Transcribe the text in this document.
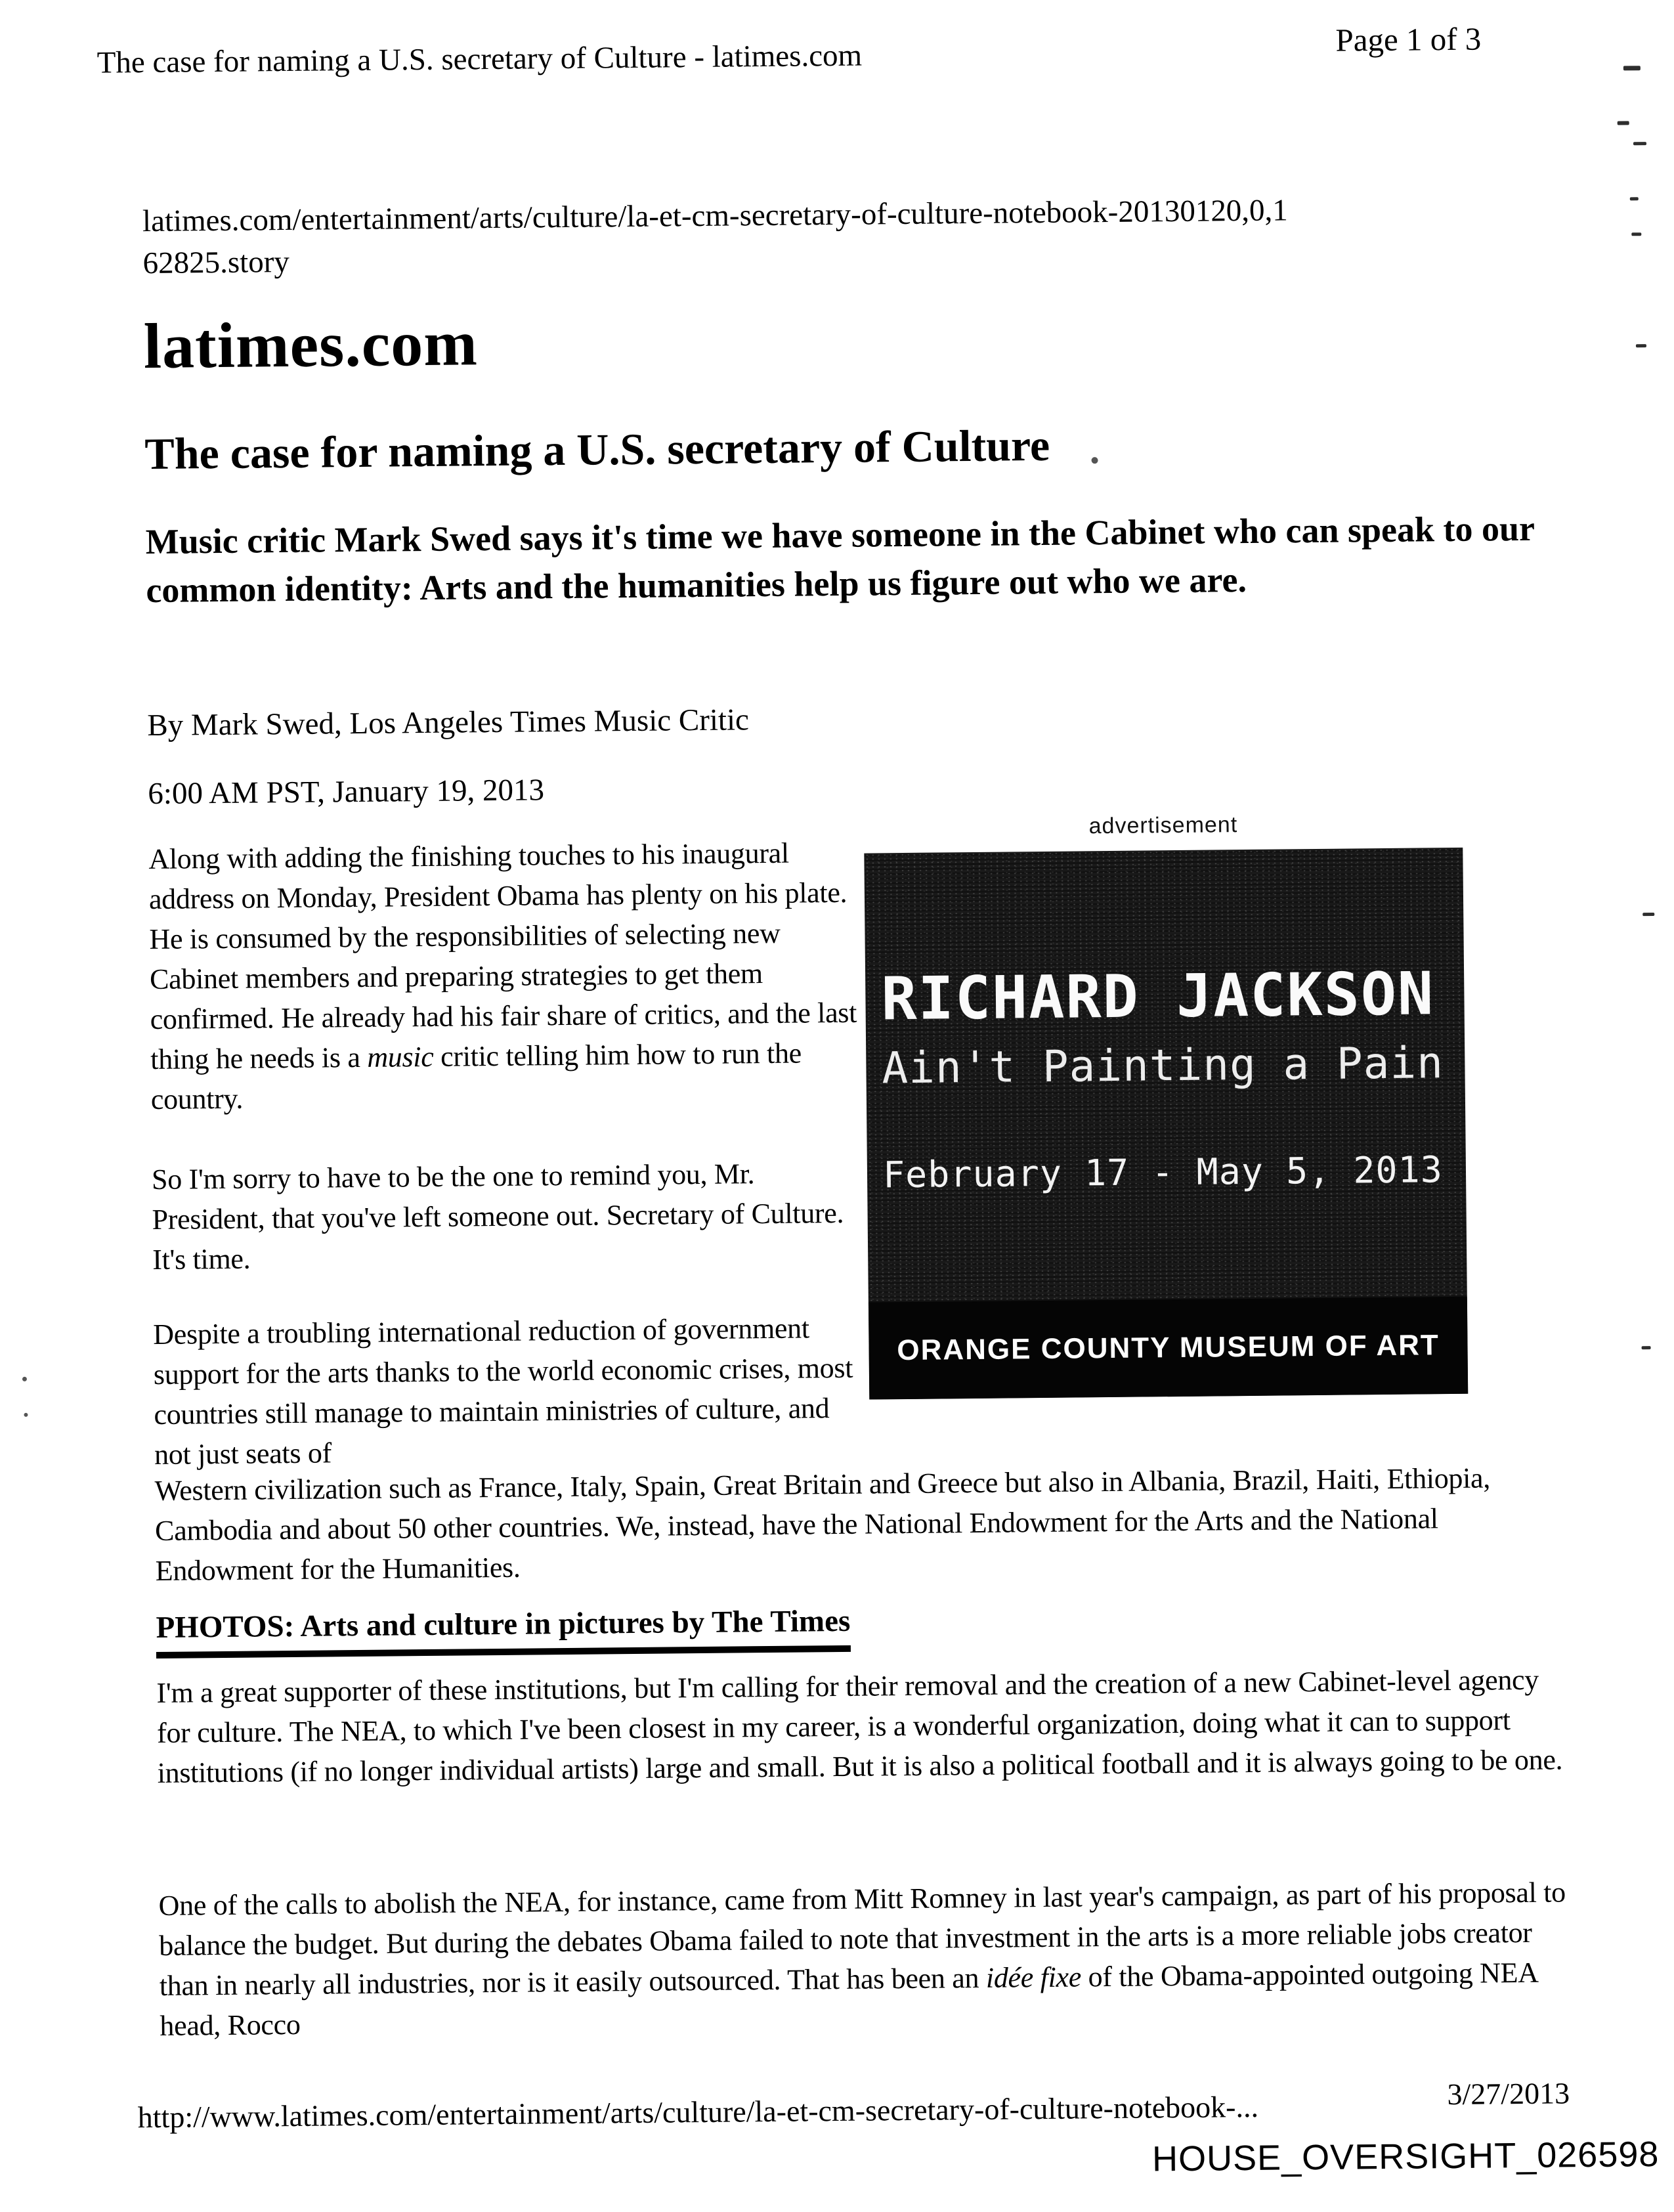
The case for naming a U.S. secretary of Culture - latimes.com	Page 1 of 3
latimes.com/entertainment/arts/culture/la-et-cm-secretary-of-culture-notebook-20130120,0,162825.story
latimes.com
The case for naming a U.S. secretary of Culture
Music critic Mark Swed says it's time we have someone in the Cabinet who can speak to our common identity: Arts and the humanities help us figure out who we are.
By Mark Swed, Los Angeles Times Music Critic
6:00 AM PST, January 19, 2013

Along with adding the finishing touches to his inaugural address on Monday, President Obama has plenty on his plate. He is consumed by the responsibilities of selecting new Cabinet members and preparing strategies to get them confirmed. He already had his fair share of critics, and the last thing he needs is a music critic telling him how to run the country.

So I'm sorry to have to be the one to remind you, Mr. President, that you've left someone out. Secretary of Culture. It's time.

Despite a troubling international reduction of government support for the arts thanks to the world economic crises, most countries still manage to maintain ministries of culture, and not just seats of

advertisement
RICHARD JACKSON
Ain't Painting a Pain
February 17 - May 5, 2013
ORANGE COUNTY MUSEUM OF ART

Western civilization such as France, Italy, Spain, Great Britain and Greece but also in Albania, Brazil, Haiti, Ethiopia, Cambodia and about 50 other countries. We, instead, have the National Endowment for the Arts and the National Endowment for the Humanities.

PHOTOS: Arts and culture in pictures by The Times

I'm a great supporter of these institutions, but I'm calling for their removal and the creation of a new Cabinet-level agency for culture. The NEA, to which I've been closest in my career, is a wonderful organization, doing what it can to support institutions (if no longer individual artists) large and small. But it is also a political football and it is always going to be one.

One of the calls to abolish the NEA, for instance, came from Mitt Romney in last year's campaign, as part of his proposal to balance the budget. But during the debates Obama failed to note that investment in the arts is a more reliable jobs creator than in nearly all industries, nor is it easily outsourced. That has been an idée fixe of the Obama-appointed outgoing NEA head, Rocco

http://www.latimes.com/entertainment/arts/culture/la-et-cm-secretary-of-culture-notebook-...	3/27/2013
HOUSE_OVERSIGHT_026598
